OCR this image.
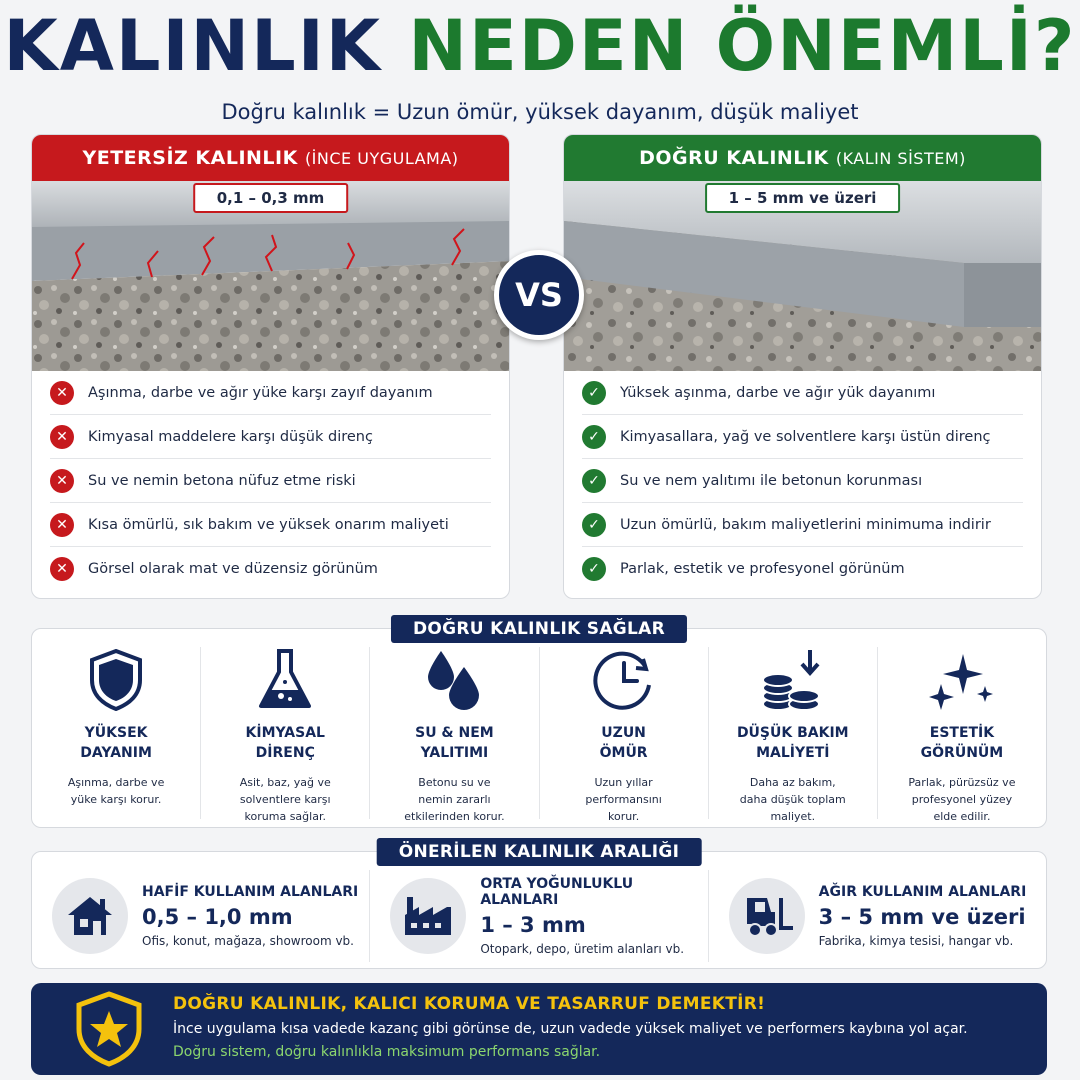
KALINLIK NEDEN ÖNEMLİ?
Doğru kalınlık = Uzun ömür, yüksek dayanım, düşük maliyet
YETERSİZ KALINLIK (İNCE UYGULAMA)
0,1 – 0,3 mm
✕	Aşınma, darbe ve ağır yüke karşı zayıf dayanım
✕	Kimyasal maddelere karşı düşük direnç
✕	Su ve nemin betona nüfuz etme riski
✕	Kısa ömürlü, sık bakım ve yüksek onarım maliyeti
✕	Görsel olarak mat ve düzensiz görünüm
DOĞRU KALINLIK (KALIN SİSTEM)
1 – 5 mm ve üzeri
✓	Yüksek aşınma, darbe ve ağır yük dayanımı
✓	Kimyasallara, yağ ve solventlere karşı üstün direnç
✓	Su ve nem yalıtımı ile betonun korunması
✓	Uzun ömürlü, bakım maliyetlerini minimuma indirir
✓	Parlak, estetik ve profesyonel görünüm
VS
DOĞRU KALINLIK SAĞLAR
YÜKSEK
DAYANIM
Aşınma, darbe ve
yüke karşı korur.
KİMYASAL
DİRENÇ
Asit, baz, yağ ve
solventlere karşı
koruma sağlar.
SU & NEM
YALITIMI
Betonu su ve
nemin zararlı
etkilerinden korur.
UZUN
ÖMÜR
Uzun yıllar
performansını
korur.
DÜŞÜK BAKIM
MALİYETİ
Daha az bakım,
daha düşük toplam
maliyet.
ESTETİK
GÖRÜNÜM
Parlak, pürüzsüz ve
profesyonel yüzey
elde edilir.
ÖNERİLEN KALINLIK ARALIĞI
HAFİF KULLANIM ALANLARI
0,5 – 1,0 mm
Ofis, konut, mağaza, showroom vb.
ORTA YOĞUNLUKLU ALANLARI
1 – 3 mm
Otopark, depo, üretim alanları vb.
AĞIR KULLANIM ALANLARI
3 – 5 mm ve üzeri
Fabrika, kimya tesisi, hangar vb.
DOĞRU KALINLIK, KALICI KORUMA VE TASARRUF DEMEKTİR!
İnce uygulama kısa vadede kazanç gibi görünse de, uzun vadede yüksek maliyet ve performers kaybına yol açar.
Doğru sistem, doğru kalınlıkla maksimum performans sağlar.
